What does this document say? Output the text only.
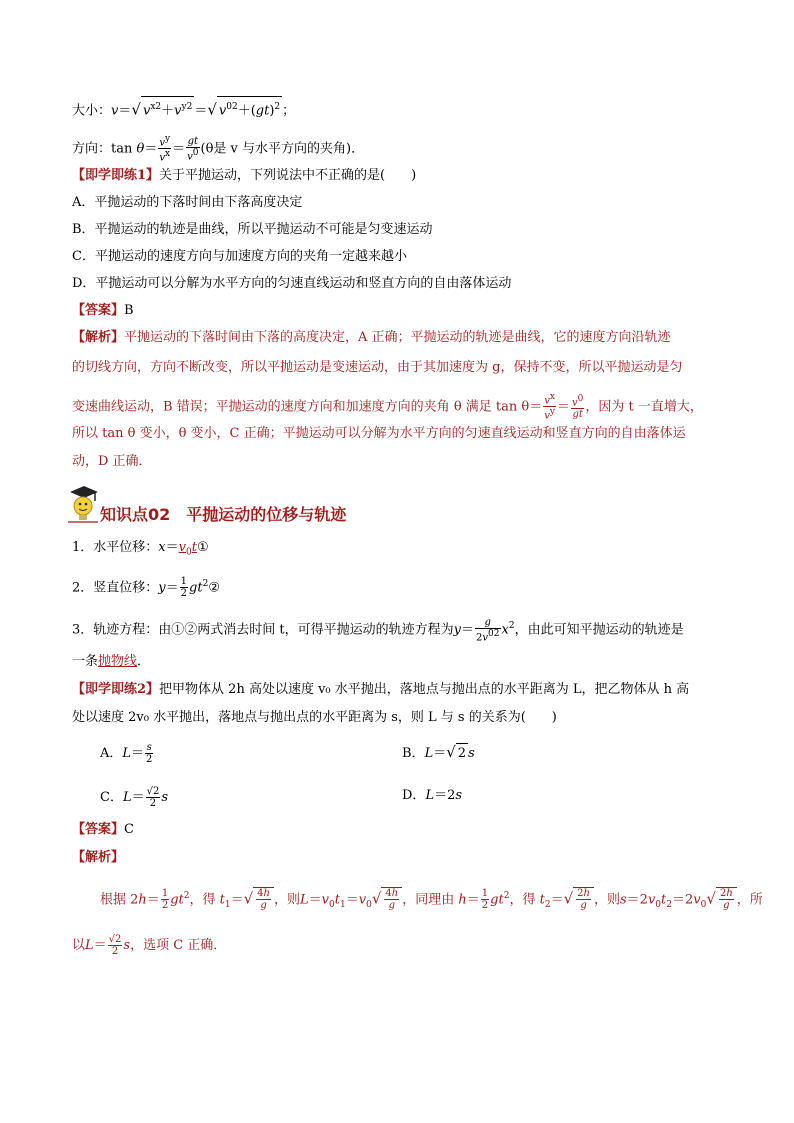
大小：v＝√ $v^{x2}+v^{y2}$ ＝√ $v^{02}+(gt)^2$ ；
方向：$\tan \theta= \frac{v^y}{v^x} = \frac{gt}{v^0} (\theta$是 v 与水平方向的夹角)．
【即学即练1】关于平抛运动，下列说法中不正确的是(　　)
A．平抛运动的下落时间由下落高度决定
B．平抛运动的轨迹是曲线，所以平抛运动不可能是匀变速运动
C．平抛运动的速度方向与加速度方向的夹角一定越来越小
D．平抛运动可以分解为水平方向的匀速直线运动和竖直方向的自由落体运动
【答案】B
【解析】平抛运动的下落时间由下落的高度决定，A 正确；平抛运动的轨迹是曲线，它的速度方向沿轨迹
的切线方向，方向不断改变，所以平抛运动是变速运动，由于其加速度为 g，保持不变，所以平抛运动是匀
变速曲线运动，B 错误；平抛运动的速度方向和加速度方向的夹角 θ 满足 $\tan \theta= \frac{v^x}{v^y} = \frac{v^0}{gt}$ ，因为 t 一直增大，
所以 tan θ 变小，θ 变小，C 正确；平抛运动可以分解为水平方向的匀速直线运动和竖直方向的自由落体运
动，D 正确．
知识点02　平抛运动的位移与轨迹
1．水平位移：$x=v_0t①$
2．竖直位移：$y= \frac{1}{2}$ $gt^2②$
3．轨迹方程：由①②两式消去时间 t，可得平抛运动的轨迹方程为$y= \frac{g}{2v^{02}} x^2$，由此可知平抛运动的轨迹是
一条抛物线．
【即学即练2】把甲物体从 2h 高处以速度 v₀ 水平抛出，落地点与抛出点的水平距离为 L，把乙物体从 h 高
处以速度 2v₀ 水平抛出，落地点与抛出点的水平距离为 s，则 L 与 s 的关系为(　　)
A．$L= \frac{s}{2}$	B．L＝√ 2 s
C．$L= \frac{√2}{2}$ s	D．L＝2s
【答案】C
【解析】
根据 $2h= \frac{1}{2} gt^2$，得 $t_1=√ \frac{4h}{g}$ ，则$L=v_0t_1=v_0√ \frac{4h}{g}$ ，同理由 $h= \frac{1}{2} gt^2$，得 $t_2=√ \frac{2h}{g}$ ，则$s=2v_0t_2=2v_0√ \frac{2h}{g}$ ，所
以$L= \frac{√2}{2}$ s，选项 C 正确．
